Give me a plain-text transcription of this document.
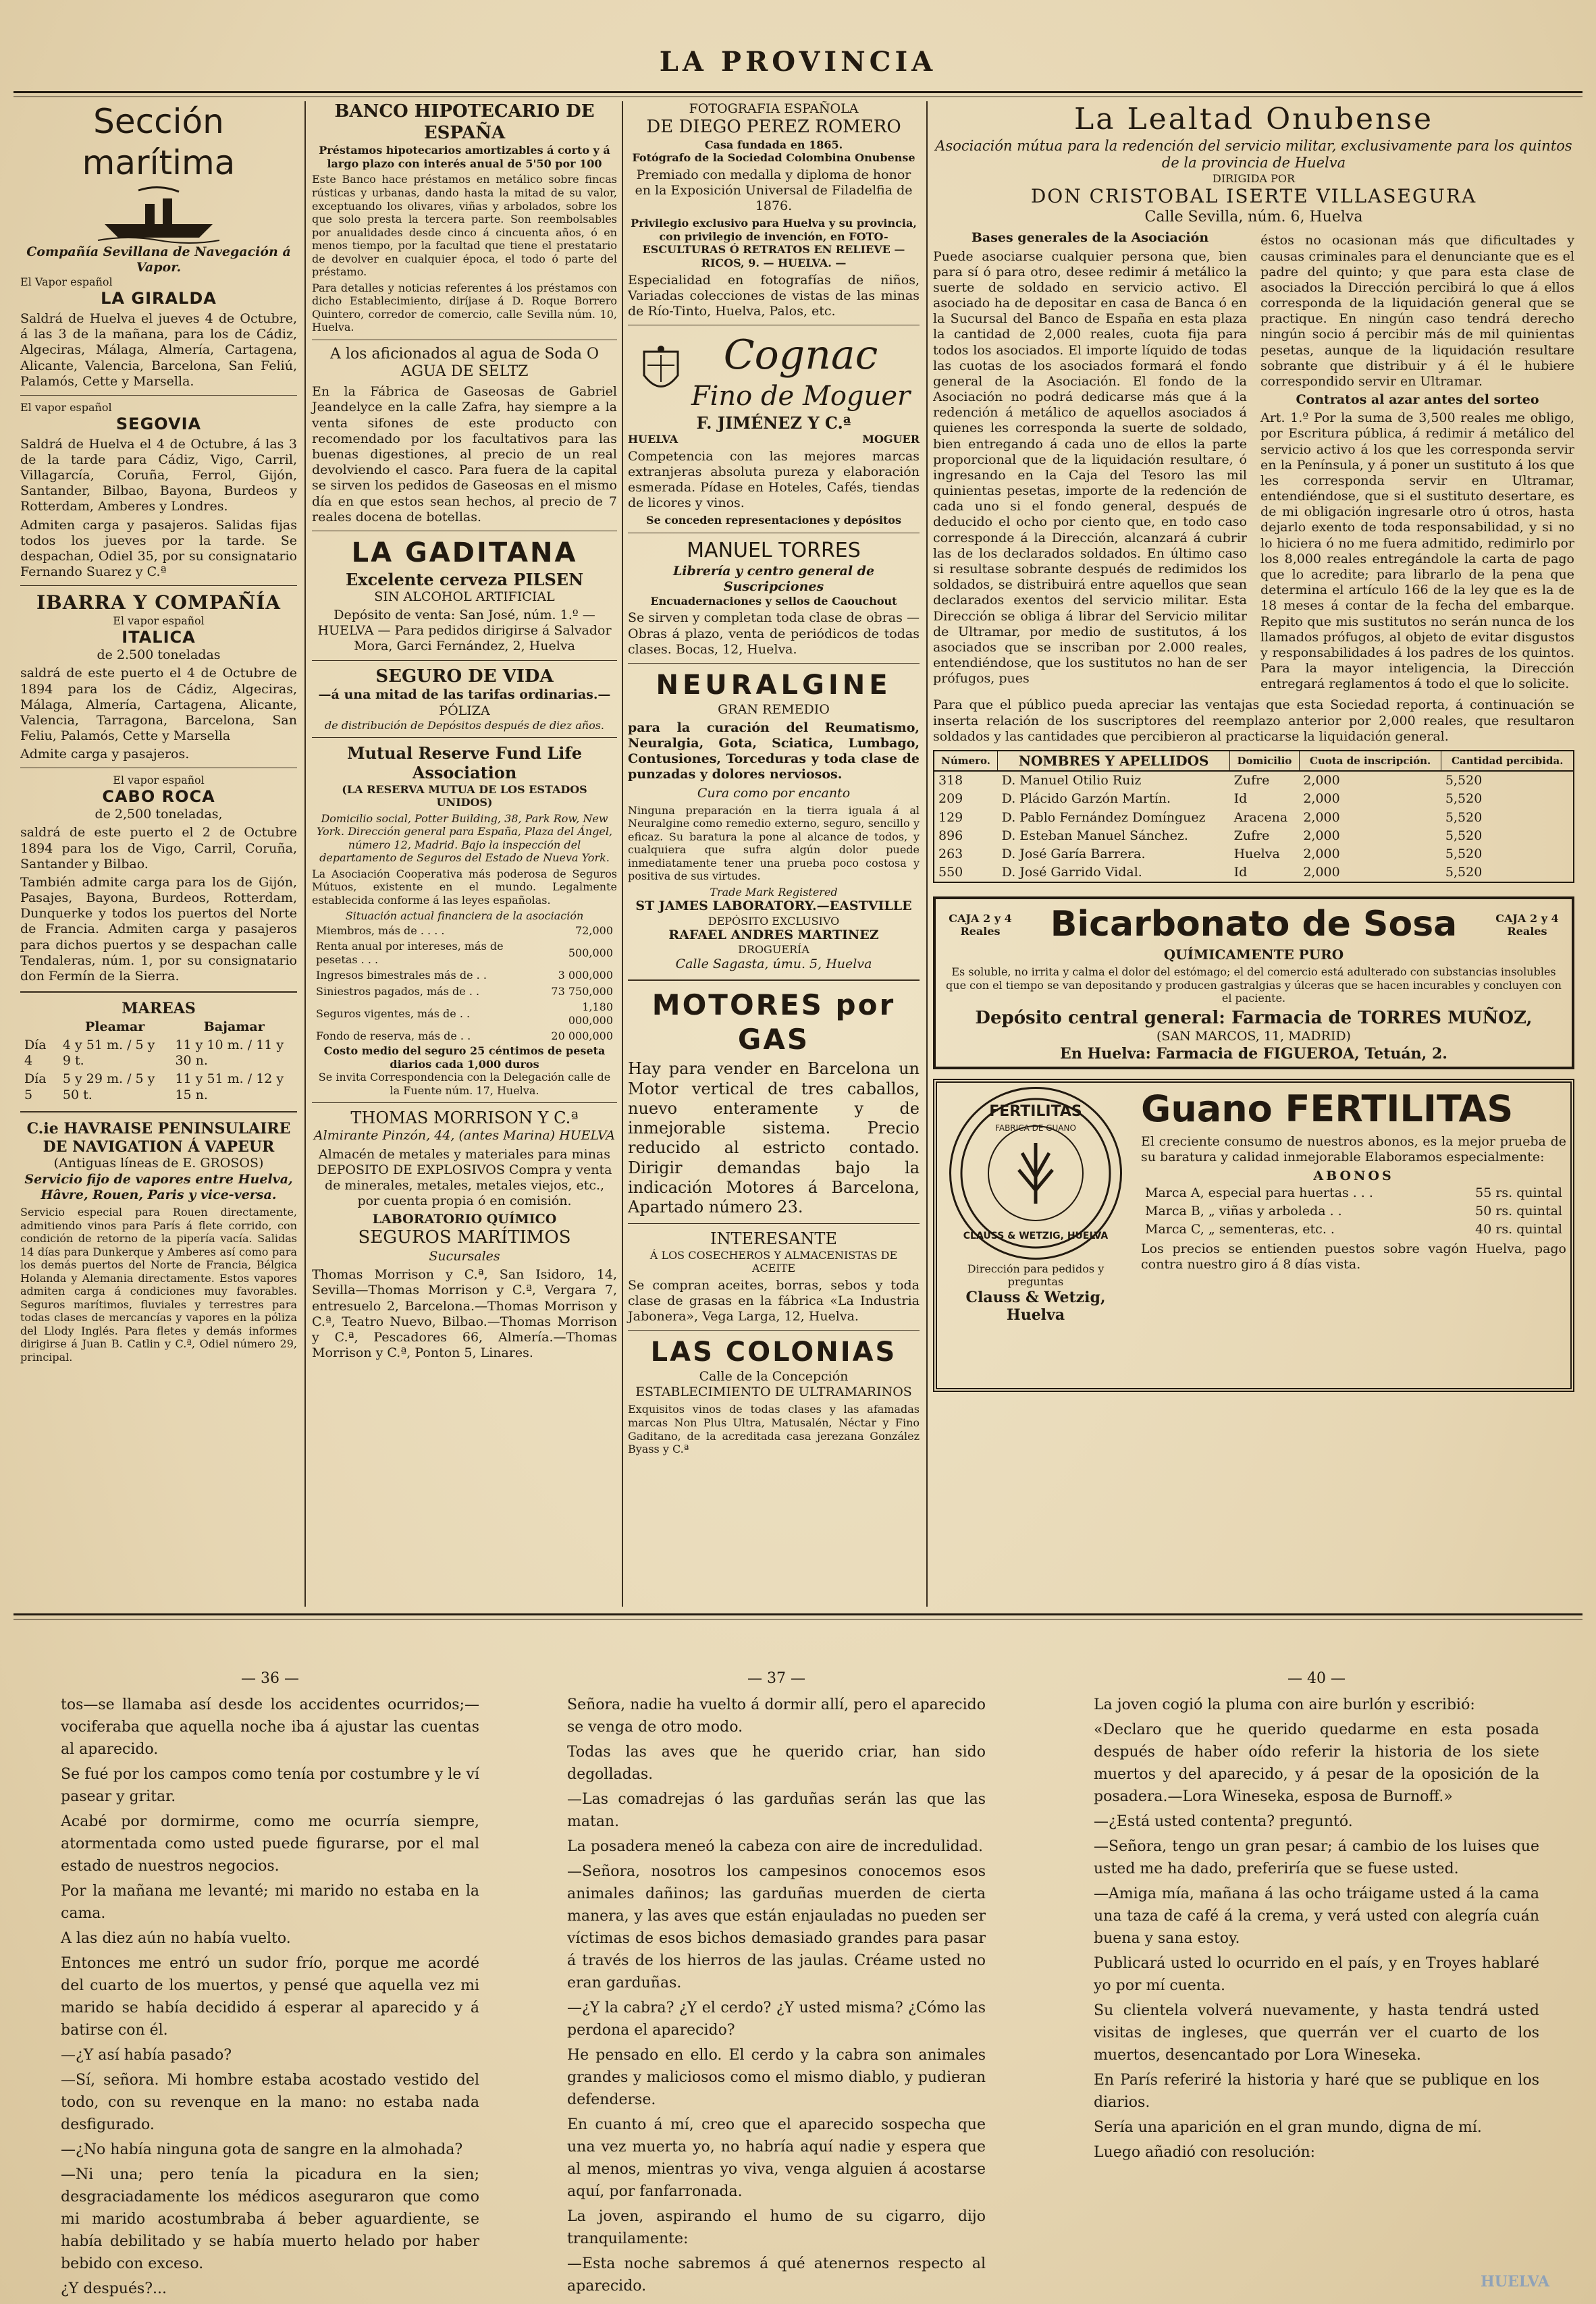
LA PROVINCIA
Sección marítima
Compañía Sevillana de Navegación á Vapor.
El Vapor español
LA GIRALDA

Saldrá de Huelva el jueves 4 de Octubre, á las 3 de la mañana, para los de Cádiz, Algeciras, Málaga, Almería, Cartagena, Alicante, Valencia, Barcelona, San Feliú, Palamós, Cette y Marsella.

El vapor español
SEGOVIA

Saldrá de Huelva el 4 de Octubre, á las 3 de la tarde para Cádiz, Vigo, Carril, Villagarcía, Coruña, Ferrol, Gijón, Santander, Bilbao, Bayona, Burdeos y Rotterdam, Amberes y Londres.

Admiten carga y pasajeros. Salidas fijas todos los jueves por la tarde. Se despachan, Odiel 35, por su consignatario Fernando Suarez y C.ª

IBARRA Y COMPAÑÍA
El vapor español
ITALICA
de 2.500 toneladas

saldrá de este puerto el 4 de Octubre de 1894 para los de Cádiz, Algeciras, Málaga, Almería, Cartagena, Alicante, Valencia, Tarragona, Barcelona, San Feliu, Palamós, Cette y Marsella

Admite carga y pasajeros.

El vapor español
CABO ROCA
de 2,500 toneladas,

saldrá de este puerto el 2 de Octubre 1894 para los de Vigo, Carril, Coruña, Santander y Bilbao.

También admite carga para los de Gijón, Pasajes, Bayona, Burdeos, Rotterdam, Dunquerke y todos los puertos del Norte de Francia. Admiten carga y pasajeros para dichos puertos y se despachan calle Tendaleras, núm. 1, por su consignatario don Fermín de la Sierra.

MAREAS
	Pleamar	Bajamar
Día 4	4 y 51 m. / 5 y 9 t.	11 y 10 m. / 11 y 30 n.
Día 5	5 y 29 m. / 5 y 50 t.	11 y 51 m. / 12 y 15 n.
C.ie HAVRAISE PENINSULAIRE DE NAVIGATION Á VAPEUR
(Antiguas líneas de E. GROSOS)
Servicio fijo de vapores entre Huelva, Hâvre, Rouen, Paris y vice-versa.

Servicio especial para Rouen directamente, admitiendo vinos para París á flete corrido, con condición de retorno de la pipería vacía. Salidas 14 días para Dunkerque y Amberes así como para los demás puertos del Norte de Francia, Bélgica Holanda y Alemania directamente. Estos vapores admiten carga á condiciones muy favorables. Seguros marítimos, fluviales y terrestres para todas clases de mercancías y vapores en la póliza del Llody Inglés. Para fletes y demás informes dirigirse á Juan B. Catlin y C.ª, Odiel número 29, principal.

BANCO HIPOTECARIO DE ESPAÑA
Préstamos hipotecarios amortizables á corto y á largo plazo con interés anual de 5'50 por 100

Este Banco hace préstamos en metálico sobre fincas rústicas y urbanas, dando hasta la mitad de su valor, exceptuando los olivares, viñas y arbolados, sobre los que solo presta la tercera parte. Son reembolsables por anualidades desde cinco á cincuenta años, ó en menos tiempo, por la facultad que tiene el prestatario de devolver en cualquier época, el todo ó parte del préstamo.

Para detalles y noticias referentes á los préstamos con dicho Establecimiento, diríjase á D. Roque Borrero Quintero, corredor de comercio, calle Sevilla núm. 10, Huelva.

A los aficionados al agua de Soda O AGUA DE SELTZ

En la Fábrica de Gaseosas de Gabriel Jeandelyce en la calle Zafra, hay siempre a la venta sifones de este producto con recomendado por los facultativos para las buenas digestiones, al precio de un real devolviendo el casco. Para fuera de la capital se sirven los pedidos de Gaseosas en el mismo día en que estos sean hechos, al precio de 7 reales docena de botellas.

LA GADITANA
Excelente cerveza PILSEN
SIN ALCOHOL ARTIFICIAL

Depósito de venta: San José, núm. 1.º — HUELVA — Para pedidos dirigirse á Salvador Mora, Garci Fernández, 2, Huelva

SEGURO DE VIDA
—á una mitad de las tarifas ordinarias.—
PÓLIZA
de distribución de Depósitos después de diez años.
Mutual Reserve Fund Life Association
(LA RESERVA MUTUA DE LOS ESTADOS UNIDOS)

Domicilio social, Potter Building, 38, Park Row, New York. Dirección general para España, Plaza del Ángel, número 12, Madrid. Bajo la inspección del departamento de Seguros del Estado de Nueva York.

La Asociación Cooperativa más poderosa de Seguros Mútuos, existente en el mundo. Legalmente establecida conforme á las leyes españolas.

Situación actual financiera de la asociación
Miembros, más de . . . .	72,000
Renta anual por intereses, más de pesetas . . .	500,000
Ingresos bimestrales más de . .	3 000,000
Siniestros pagados, más de . .	73 750,000
Seguros vigentes, más de . .	1,180 000,000
Fondo de reserva, más de . .	20 000,000
Costo medio del seguro 25 céntimos de peseta diarios cada 1,000 duros
Se invita Correspondencia con la Delegación calle de la Fuente núm. 17, Huelva.
THOMAS MORRISON Y C.ª
Almirante Pinzón, 44, (antes Marina) HUELVA

Almacén de metales y materiales para minas DEPOSITO DE EXPLOSIVOS Compra y venta de minerales, metales, metales viejos, etc., por cuenta propia ó en comisión.

LABORATORIO QUÍMICO
SEGUROS MARÍTIMOS
Sucursales

Thomas Morrison y C.ª, San Isidoro, 14, Sevilla—Thomas Morrison y C.ª, Vergara 7, entresuelo 2, Barcelona.—Thomas Morrison y C.ª, Teatro Nuevo, Bilbao.—Thomas Morrison y C.ª, Pescadores 66, Almería.—Thomas Morrison y C.ª, Ponton 5, Linares.

FOTOGRAFIA ESPAÑOLA
DE DIEGO PEREZ ROMERO
Casa fundada en 1865.
Fotógrafo de la Sociedad Colombina Onubense

Premiado con medalla y diploma de honor en la Exposición Universal de Filadelfia de 1876.

Privilegio exclusivo para Huelva y su provincia, con privilegio de invención, en FOTO-ESCULTURAS Ó RETRATOS EN RELIEVE — RICOS, 9. — HUELVA. —

Especialidad en fotografías de niños, Variadas colecciones de vistas de las minas de Río-Tinto, Huelva, Palos, etc.

Cognac
Fino de Moguer
F. JIMÉNEZ Y C.ª
HUELVA	MOGUER

Competencia con las mejores marcas extranjeras absoluta pureza y elaboración esmerada. Pídase en Hoteles, Cafés, tiendas de licores y vinos.

Se conceden representaciones y depósitos
MANUEL TORRES
Librería y centro general de Suscripciones
Encuadernaciones y sellos de Caouchout

Se sirven y completan toda clase de obras —Obras á plazo, venta de periódicos de todas clases. Bocas, 12, Huelva.

NEURALGINE
GRAN REMEDIO

para la curación del Reumatismo, Neuralgia, Gota, Sciatica, Lumbago, Contusiones, Torceduras y toda clase de punzadas y dolores nerviosos.

Cura como por encanto

Ninguna preparación en la tierra iguala á al Neuralgine como remedio externo, seguro, sencillo y eficaz. Su baratura la pone al alcance de todos, y cualquiera que sufra algún dolor puede inmediatamente tener una prueba poco costosa y positiva de sus virtudes.

Trade Mark Registered
ST JAMES LABORATORY.—EASTVILLE
DEPÓSITO EXCLUSIVO
RAFAEL ANDRES MARTINEZ
DROGUERÍA
Calle Sagasta, úmu. 5, Huelva
MOTORES por GAS

Hay para vender en Barcelona un Motor vertical de tres caballos, nuevo enteramente y de inmejorable sistema. Precio reducido al estricto contado. Dirigir demandas bajo la indicación Motores á Barcelona, Apartado número 23.

INTERESANTE
Á LOS COSECHEROS Y ALMACENISTAS DE ACEITE

Se compran aceites, borras, sebos y toda clase de grasas en la fábrica «La Industria Jabonera», Vega Larga, 12, Huelva.

LAS COLONIAS
Calle de la Concepción
ESTABLECIMIENTO DE ULTRAMARINOS

Exquisitos vinos de todas clases y las afamadas marcas Non Plus Ultra, Matusalén, Néctar y Fino Gaditano, de la acreditada casa jerezana González Byass y C.ª

La Lealtad Onubense
Asociación mútua para la redención del servicio militar, exclusivamente para los quintos de la provincia de Huelva
DIRIGIDA POR
DON CRISTOBAL ISERTE VILLASEGURA
Calle Sevilla, núm. 6, Huelva
Bases generales de la Asociación

Puede asociarse cualquier persona que, bien para sí ó para otro, desee redimir á metálico la suerte de soldado en servicio activo. El asociado ha de depositar en casa de Banca ó en la Sucursal del Banco de España en esta plaza la cantidad de 2,000 reales, cuota fija para todos los asociados. El importe líquido de todas las cuotas de los asociados formará el fondo general de la Asociación. El fondo de la Asociación no podrá dedicarse más que á la redención á metálico de aquellos asociados á quienes les corresponda la suerte de soldado, bien entregando á cada uno de ellos la parte proporcional que de la liquidación resultare, ó ingresando en la Caja del Tesoro las mil quinientas pesetas, importe de la redención de cada uno si el fondo general, después de deducido el ocho por ciento que, en todo caso corresponde á la Dirección, alcanzará á cubrir las de los declarados soldados. En último caso si resultase sobrante después de redimidos los soldados, se distribuirá entre aquellos que sean declarados exentos del servicio militar. Esta Dirección se obliga á librar del Servicio militar de Ultramar, por medio de sustitutos, á los asociados que se inscriban por 2.000 reales, entendiéndose, que los sustitutos no han de ser prófugos, pues

éstos no ocasionan más que dificultades y causas criminales para el denunciante que es el padre del quinto; y que para esta clase de asociados la Dirección percibirá lo que á ellos corresponda de la liquidación general que se practique. En ningún caso tendrá derecho ningún socio á percibir más de mil quinientas pesetas, aunque de la liquidación resultare sobrante que distribuir y á él le hubiere correspondido servir en Ultramar.

Contratos al azar antes del sorteo

Art. 1.º Por la suma de 3,500 reales me obligo, por Escritura pública, á redimir á metálico del servicio activo á los que les corresponda servir en la Península, y á poner un sustituto á los que les corresponda servir en Ultramar, entendiéndose, que si el sustituto desertare, es de mi obligación ingresarle otro ú otros, hasta dejarlo exento de toda responsabilidad, y si no lo hiciera ó no me fuera admitido, redimirlo por los 8,000 reales entregándole la carta de pago que lo acredite; para librarlo de la pena que determina el artículo 166 de la ley que es la de 18 meses á contar de la fecha del embarque. Repito que mis sustitutos no serán nunca de los llamados prófugos, al objeto de evitar disgustos y responsabilidades á los padres de los quintos. Para la mayor inteligencia, la Dirección entregará reglamentos á todo el que lo solicite.

Para que el público pueda apreciar las ventajas que esta Sociedad reporta, á continuación se inserta relación de los suscriptores del reemplazo anterior por 2,000 reales, que resultaron soldados y las cantidades que percibieron al practicarse la liquidación general.

Número.	NOMBRES Y APELLIDOS	Domicilio	Cuota de inscripción.	Cantidad percibida.
318	D. Manuel Otilio Ruiz	Zufre	2,000	5,520
209	D. Plácido Garzón Martín.	Id	2,000	5,520
129	D. Pablo Fernández Domínguez	Aracena	2,000	5,520
896	D. Esteban Manuel Sánchez.	Zufre	2,000	5,520
263	D. José Garía Barrera.	Huelva	2,000	5,520
550	D. José Garrido Vidal.	Id	2,000	5,520
CAJA 2 y 4 Reales	Bicarbonato de Sosa	CAJA 2 y 4 Reales
QUÍMICAMENTE PURO

Es soluble, no irrita y calma el dolor del estómago; el del comercio está adulterado con substancias insolubles que con el tiempo se van depositando y producen gastralgias y úlceras que se hacen incurables y concluyen con el paciente.

Depósito central general: Farmacia de TORRES MUÑOZ,
(SAN MARCOS, 11, MADRID)
En Huelva: Farmacia de FIGUEROA, Tetuán, 2.
FERTILITAS
FABRICA DE GUANO
CLAUSS & WETZIG, HUELVA
Dirección para pedidos y preguntas
Clauss & Wetzig, Huelva
Guano FERTILITAS

El creciente consumo de nuestros abonos, es la mejor prueba de su baratura y calidad inmejorable Elaboramos especialmente:

ABONOS
Marca A, especial para huertas . . .	55 rs. quintal
Marca B, „ viñas y arboleda . .	50 rs. quintal
Marca C, „ sementeras, etc. .	40 rs. quintal

Los precios se entienden puestos sobre vagón Huelva, pago contra nuestro giro á 8 días vista.

— 36 —

tos—se llamaba así desde los accidentes ocurridos;—vociferaba que aquella noche iba á ajustar las cuentas al aparecido.

Se fué por los campos como tenía por costumbre y le ví pasear y gritar.

Acabé por dormirme, como me ocurría siempre, atormentada como usted puede figurarse, por el mal estado de nuestros negocios.

Por la mañana me levanté; mi marido no estaba en la cama.

A las diez aún no había vuelto.

Entonces me entró un sudor frío, porque me acordé del cuarto de los muertos, y pensé que aquella vez mi marido se había decidido á esperar al aparecido y á batirse con él.

—¿Y así había pasado?

—Sí, señora. Mi hombre estaba acostado vestido del todo, con su revenque en la mano: no estaba nada desfigurado.

—¿No había ninguna gota de sangre en la almohada?

—Ni una; pero tenía la picadura en la sien; desgraciadamente los médicos aseguraron que como mi marido acostumbraba á beber aguardiente, se había debilitado y se había muerto helado por haber bebido con exceso.

¿Y después?...

— 37 —

Señora, nadie ha vuelto á dormir allí, pero el aparecido se venga de otro modo.

Todas las aves que he querido criar, han sido degolladas.

—Las comadrejas ó las garduñas serán las que las matan.

La posadera meneó la cabeza con aire de incredulidad.

—Señora, nosotros los campesinos conocemos esos animales dañinos; las garduñas muerden de cierta manera, y las aves que están enjauladas no pueden ser víctimas de esos bichos demasiado grandes para pasar á través de los hierros de las jaulas. Créame usted no eran garduñas.

—¿Y la cabra? ¿Y el cerdo? ¿Y usted misma? ¿Cómo las perdona el aparecido?

He pensado en ello. El cerdo y la cabra son animales grandes y maliciosos como el mismo diablo, y pudieran defenderse.

En cuanto á mí, creo que el aparecido sospecha que una vez muerta yo, no habría aquí nadie y espera que al menos, mientras yo viva, venga alguien á acostarse aquí, por fanfarronada.

La joven, aspirando el humo de su cigarro, dijo tranquilamente:

—Esta noche sabremos á qué atenernos respecto al aparecido.

— 40 —

La joven cogió la pluma con aire burlón y escribió:

«Declaro que he querido quedarme en esta posada después de haber oído referir la historia de los siete muertos y del aparecido, y á pesar de la oposición de la posadera.—Lora Wineseka, esposa de Burnoff.»

—¿Está usted contenta? preguntó.

—Señora, tengo un gran pesar; á cambio de los luises que usted me ha dado, preferiría que se fuese usted.

—Amiga mía, mañana á las ocho tráigame usted á la cama una taza de café á la crema, y verá usted con alegría cuán buena y sana estoy.

Publicará usted lo ocurrido en el país, y en Troyes hablaré yo por mí cuenta.

Su clientela volverá nuevamente, y hasta tendrá usted visitas de ingleses, que querrán ver el cuarto de los muertos, desencantado por Lora Wineseka.

En París referiré la historia y haré que se publique en los diarios.

Sería una aparición en el gran mundo, digna de mí.

Luego añadió con resolución:

HUELVA
